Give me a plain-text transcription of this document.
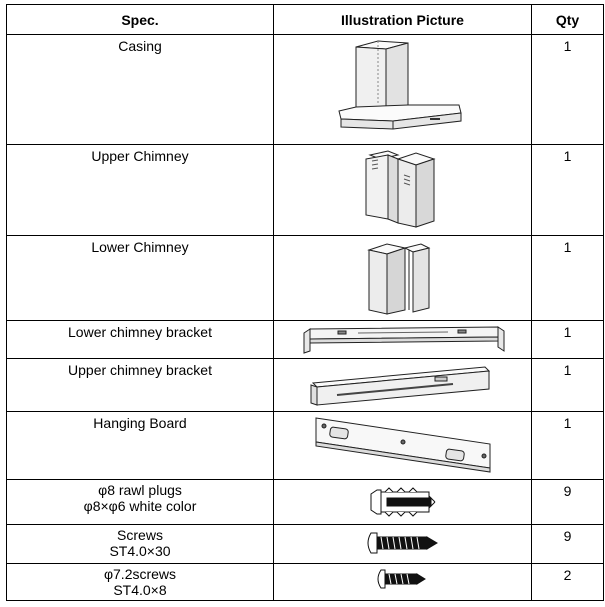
Spec.	Illustration Picture	Qty

Casing		1

Upper Chimney		1

Lower Chimney		1

Lower chimney bracket		1

Upper chimney bracket		1

Hanging Board		1

φ8 rawl plugs
φ8×φ6 white color		9

Screws
ST4.0×30		9

φ7.2screws
ST4.0×8		2
